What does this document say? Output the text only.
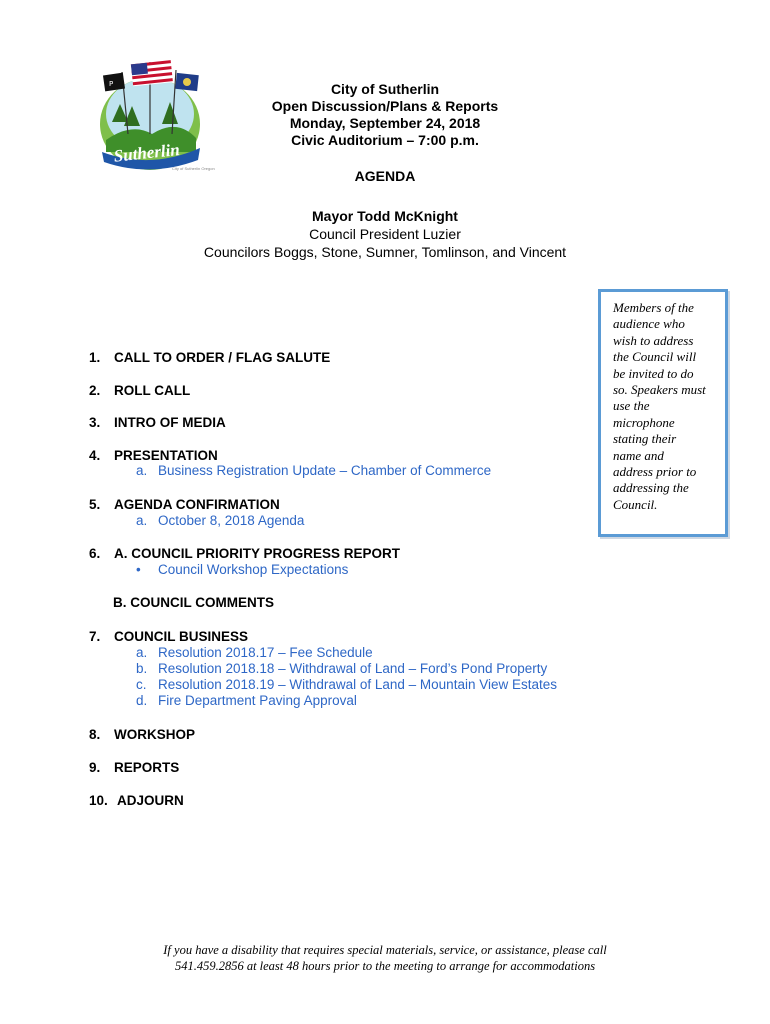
P
Sutherlin
City of Sutherlin Oregon
City of Sutherlin
Open Discussion/Plans & Reports
Monday, September 24, 2018
Civic Auditorium – 7:00 p.m.
AGENDA
Mayor Todd McKnight
Council President Luzier
Councilors Boggs, Stone, Sumner, Tomlinson, and Vincent
Members of the
audience who
wish to address
the Council will
be invited to do
so. Speakers must
use the
microphone
stating their
name and
address prior to
addressing the
Council.
1. CALL TO ORDER / FLAG SALUTE
2. ROLL CALL
3. INTRO OF MEDIA
4. PRESENTATION
a. Business Registration Update – Chamber of Commerce
5. AGENDA CONFIRMATION
a. October 8, 2018 Agenda
6. A. COUNCIL PRIORITY PROGRESS REPORT
• Council Workshop Expectations
B. COUNCIL COMMENTS
7. COUNCIL BUSINESS
a. Resolution 2018.17 – Fee Schedule
b. Resolution 2018.18 – Withdrawal of Land – Ford’s Pond Property
c. Resolution 2018.19 – Withdrawal of Land – Mountain View Estates
d. Fire Department Paving Approval
8. WORKSHOP
9. REPORTS
10. ADJOURN
If you have a disability that requires special materials, service, or assistance, please call
541.459.2856 at least 48 hours prior to the meeting to arrange for accommodations
